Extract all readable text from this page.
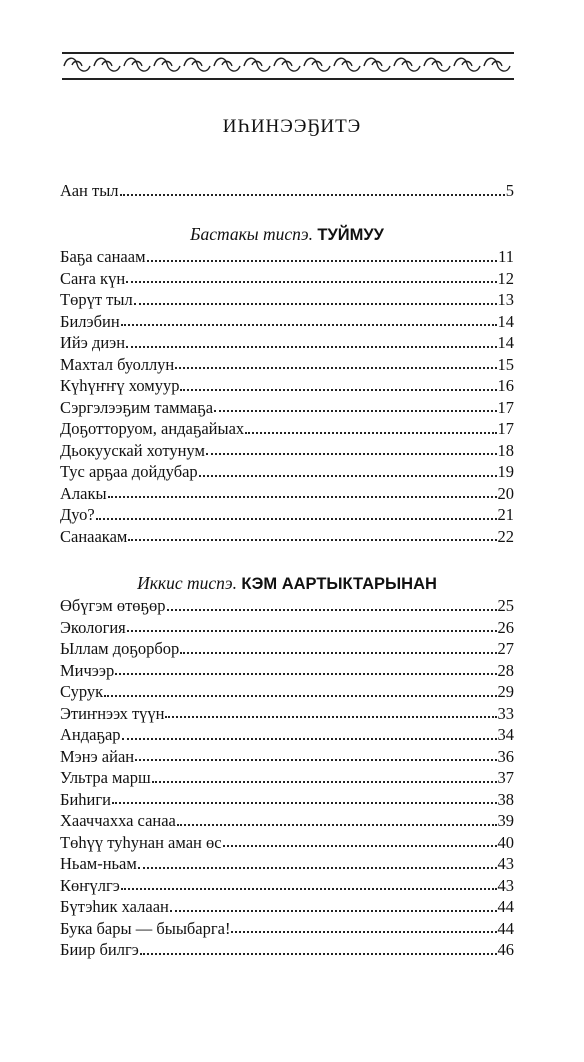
ИҺИНЭЭҔИТЭ
Аан тыл	5
Бастакы тиспэ. ТУЙМУУ
Баҕа санаам	11
Саҥа күн	12
Төрүт тыл	13
Билэбин	14
Ийэ диэн	14
Махтал буоллун	15
Күһүҥҥү хомуур	16
Сэргэлээҕим таммаҕа	17
Доҕотторуом, андаҕайыах	17
Дьокуускай хотунум	18
Тус арҕаа дойдубар	19
Алакы	20
Дуо?	21
Санаакам	22
Иккис тиспэ. КЭМ ААРТЫКТАРЫНАН
Өбүгэм өтөҕөр	25
Экология	26
Ыллам доҕорбор	27
Мичээр	28
Сурук	29
Этиҥнээх түүн	33
Андаҕар	34
Мэнэ айан	36
Ультра марш	37
Биһиги	38
Хааччахха санаа	39
Төһүү туһунан аман өс	40
Ньам-ньам	43
Көҥүлгэ	43
Бүтэһик халаан	44
Бука бары — быыбарга!	44
Биир билгэ	46
